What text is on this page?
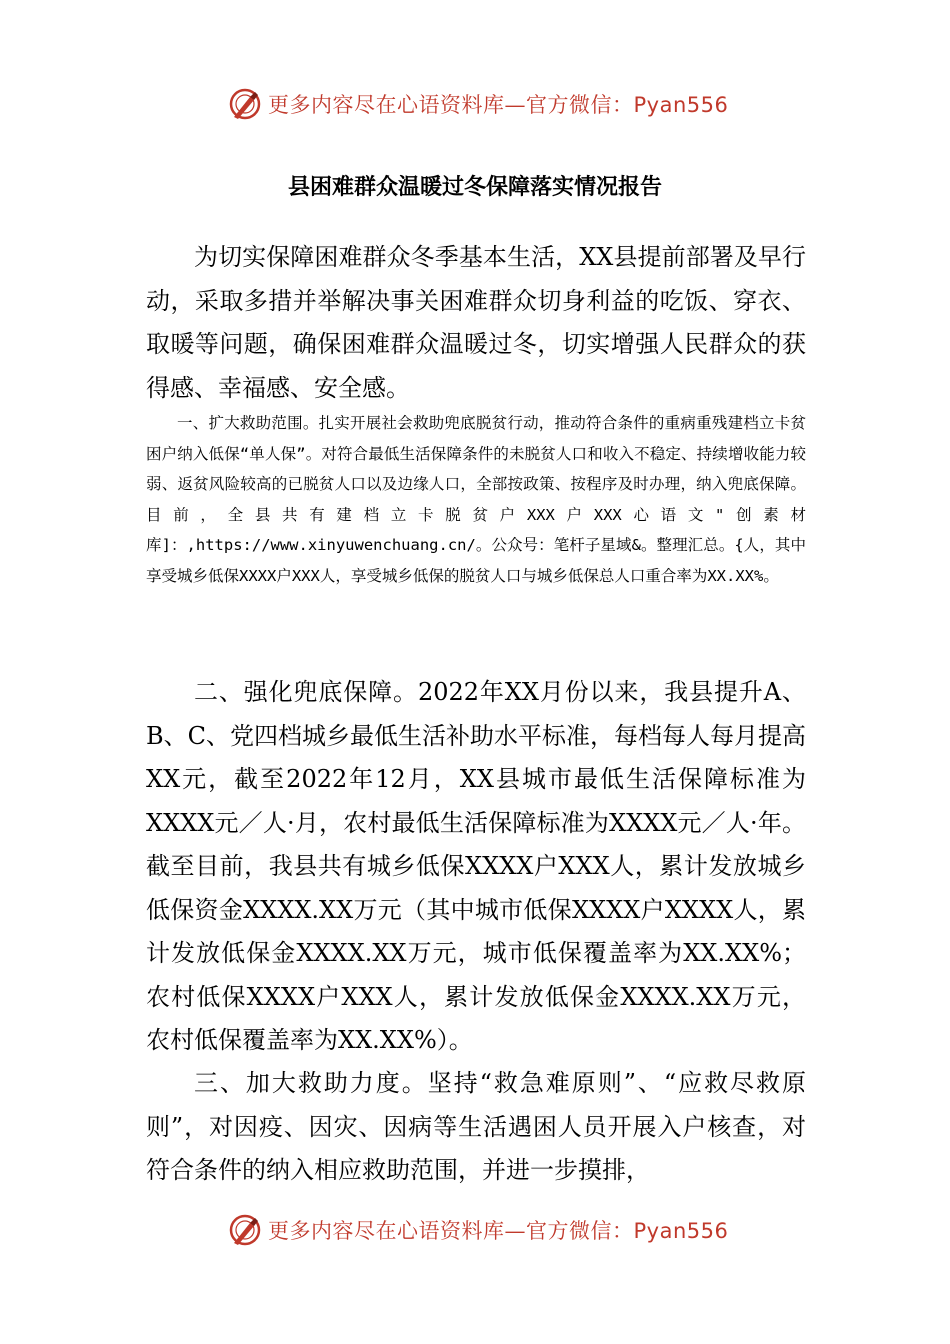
更多内容尽在心语资料库—官方微信：Pyan556
县困难群众温暖过冬保障落实情况报告

为切实保障困难群众冬季基本生活，XX县提前部署及早行动，采取多措并举解决事关困难群众切身利益的吃饭、穿衣、取暖等问题，确保困难群众温暖过冬，切实增强人民群众的获得感、幸福感、安全感。

一、扩大救助范围。扎实开展社会救助兜底脱贫行动，推动符合条件的重病重残建档立卡贫困户纳入低保“单人保”。对符合最低生活保障条件的未脱贫人口和收入不稳定、持续增收能力较弱、返贫风险较高的已脱贫人口以及边缘人口，全部按政策、按程序及时办理，纳入兜底保障。目前，全县共有建档立卡脱贫户XXX户XXX心语文"创素材库]：,https://www.xinyuwenchuang.cn/。公众号：笔杆子星域&。整理汇总。{人，其中享受城乡低保XXXX户XXX人，享受城乡低保的脱贫人口与城乡低保总人口重合率为XX.XX%。

二、强化兜底保障。2022年XX月份以来，我县提升A、B、C、党四档城乡最低生活补助水平标准，每档每人每月提高XX元，截至2022年12月，XX县城市最低生活保障标准为XXXX元／人·月，农村最低生活保障标准为XXXX元／人·年。截至目前，我县共有城乡低保XXXX户XXX人，累计发放城乡低保资金XXXX.XX万元（其中城市低保XXXX户XXXX人，累计发放低保金XXXX.XX万元，城市低保覆盖率为XX.XX%；农村低保XXXX户XXX人，累计发放低保金XXXX.XX万元，农村低保覆盖率为XX.XX%）。

三、加大救助力度。坚持“救急难原则”、“应救尽救原则”，对因疫、因灾、因病等生活遇困人员开展入户核查，对符合条件的纳入相应救助范围，并进一步摸排，

更多内容尽在心语资料库—官方微信：Pyan556
